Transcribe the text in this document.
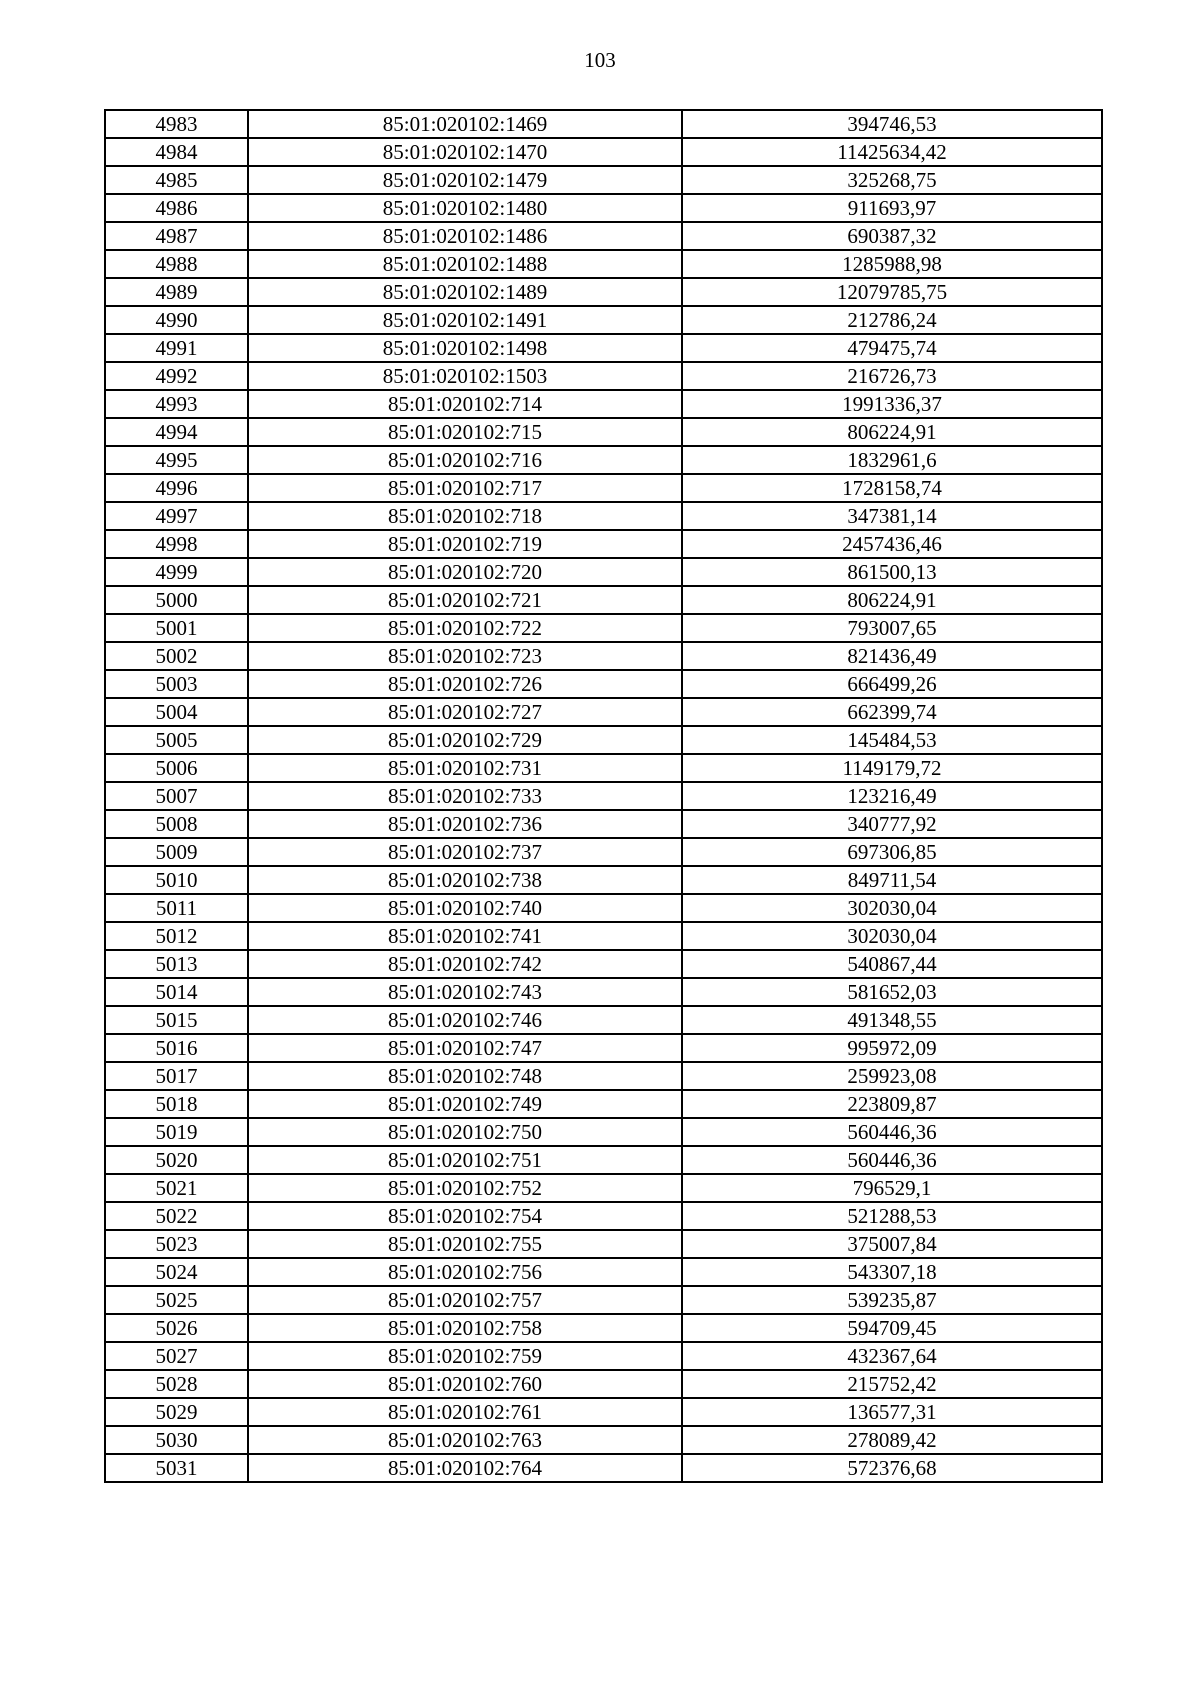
103
4983	85:01:020102:1469	394746,53
4984	85:01:020102:1470	11425634,42
4985	85:01:020102:1479	325268,75
4986	85:01:020102:1480	911693,97
4987	85:01:020102:1486	690387,32
4988	85:01:020102:1488	1285988,98
4989	85:01:020102:1489	12079785,75
4990	85:01:020102:1491	212786,24
4991	85:01:020102:1498	479475,74
4992	85:01:020102:1503	216726,73
4993	85:01:020102:714	1991336,37
4994	85:01:020102:715	806224,91
4995	85:01:020102:716	1832961,6
4996	85:01:020102:717	1728158,74
4997	85:01:020102:718	347381,14
4998	85:01:020102:719	2457436,46
4999	85:01:020102:720	861500,13
5000	85:01:020102:721	806224,91
5001	85:01:020102:722	793007,65
5002	85:01:020102:723	821436,49
5003	85:01:020102:726	666499,26
5004	85:01:020102:727	662399,74
5005	85:01:020102:729	145484,53
5006	85:01:020102:731	1149179,72
5007	85:01:020102:733	123216,49
5008	85:01:020102:736	340777,92
5009	85:01:020102:737	697306,85
5010	85:01:020102:738	849711,54
5011	85:01:020102:740	302030,04
5012	85:01:020102:741	302030,04
5013	85:01:020102:742	540867,44
5014	85:01:020102:743	581652,03
5015	85:01:020102:746	491348,55
5016	85:01:020102:747	995972,09
5017	85:01:020102:748	259923,08
5018	85:01:020102:749	223809,87
5019	85:01:020102:750	560446,36
5020	85:01:020102:751	560446,36
5021	85:01:020102:752	796529,1
5022	85:01:020102:754	521288,53
5023	85:01:020102:755	375007,84
5024	85:01:020102:756	543307,18
5025	85:01:020102:757	539235,87
5026	85:01:020102:758	594709,45
5027	85:01:020102:759	432367,64
5028	85:01:020102:760	215752,42
5029	85:01:020102:761	136577,31
5030	85:01:020102:763	278089,42
5031	85:01:020102:764	572376,68
